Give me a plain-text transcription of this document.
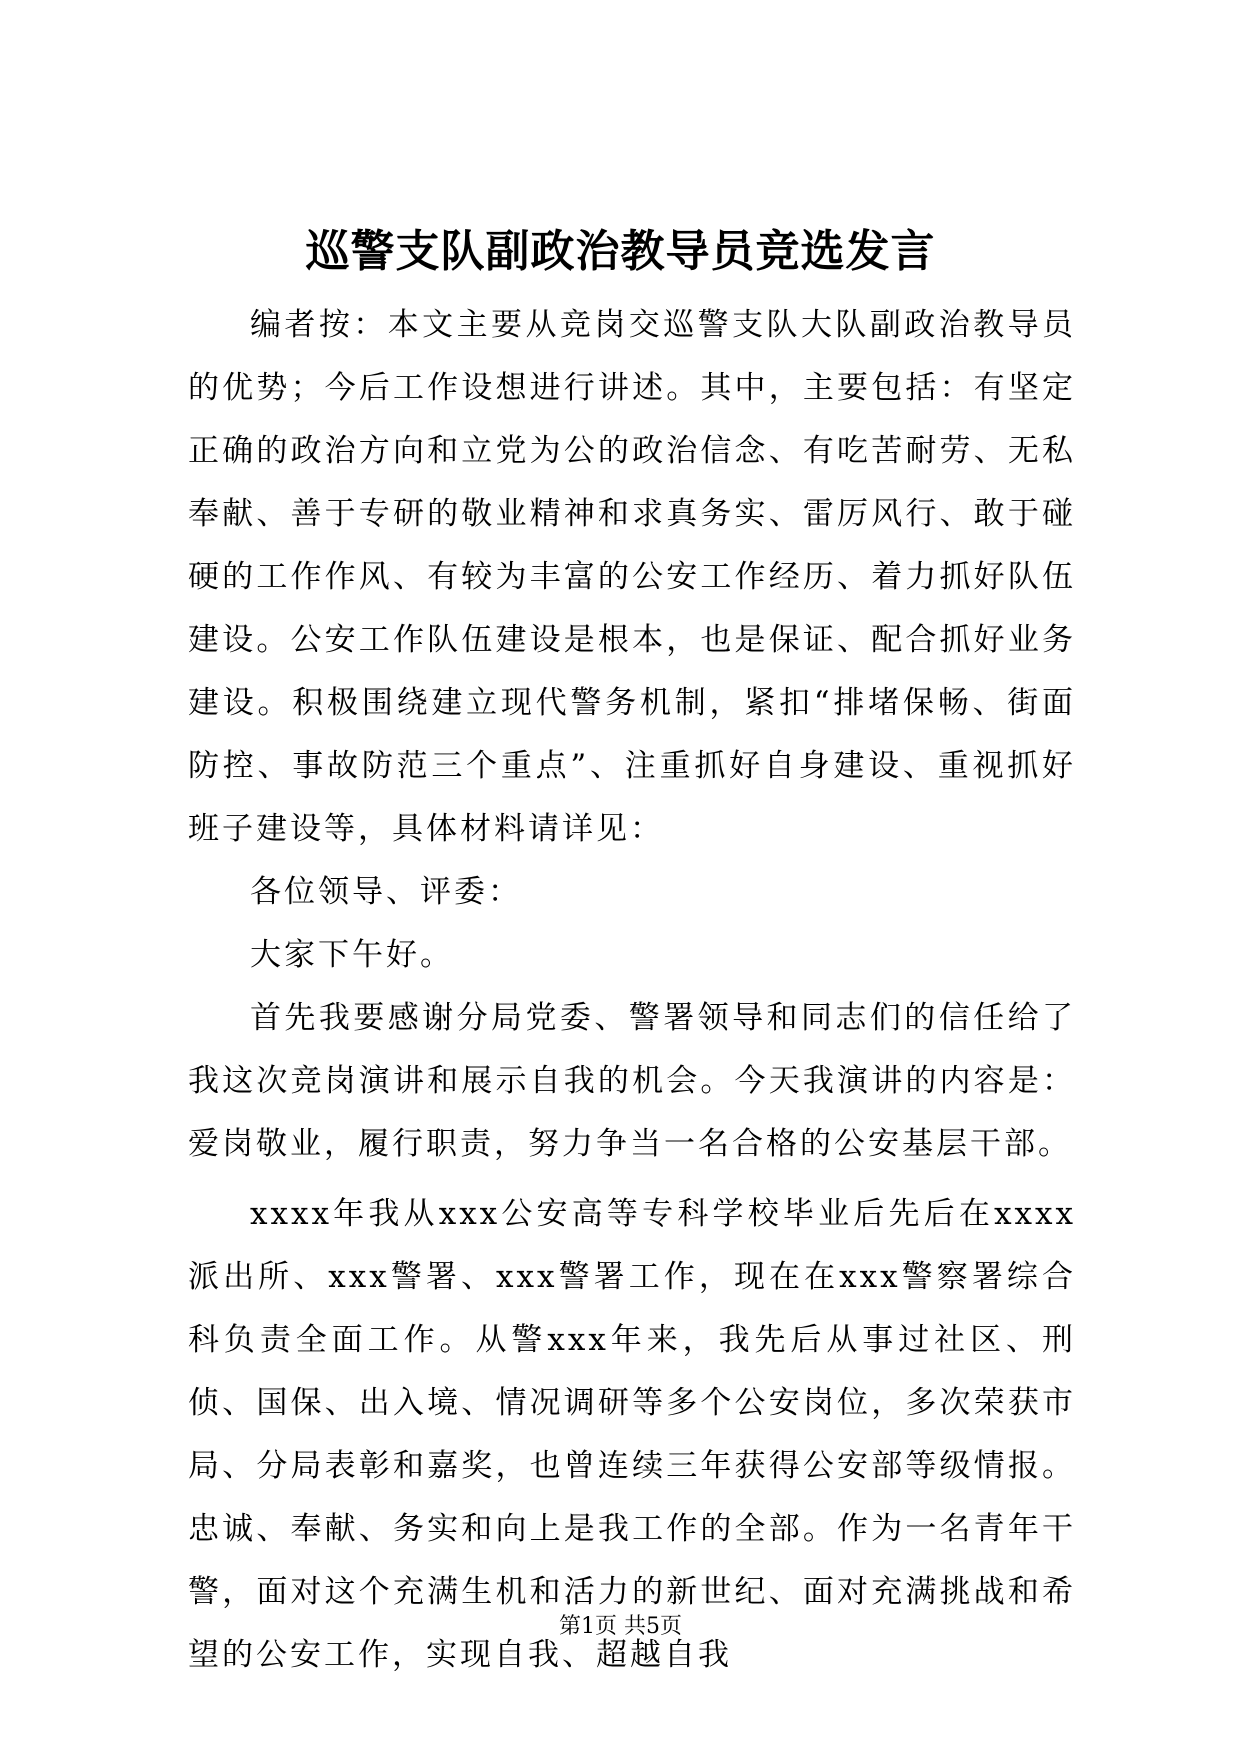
巡警支队副政治教导员竞选发言

编者按：本文主要从竞岗交巡警支队大队副政治教导员的优势；今后工作设想进行讲述。其中，主要包括：有坚定正确的政治方向和立党为公的政治信念、有吃苦耐劳、无私奉献、善于专研的敬业精神和求真务实、雷厉风行、敢于碰硬的工作作风、有较为丰富的公安工作经历、着力抓好队伍建设。公安工作队伍建设是根本，也是保证、配合抓好业务建设。积极围绕建立现代警务机制，紧扣“排堵保畅、街面防控、事故防范三个重点”、注重抓好自身建设、重视抓好班子建设等，具体材料请详见：

各位领导、评委：

大家下午好。

首先我要感谢分局党委、警署领导和同志们的信任给了我这次竞岗演讲和展示自我的机会。今天我演讲的内容是：爱岗敬业，履行职责，努力争当一名合格的公安基层干部。

xxxx年我从xxx公安高等专科学校毕业后先后在xxxx派出所、xxx警署、xxx警署工作，现在在xxx警察署综合科负责全面工作。从警xxx年来，我先后从事过社区、刑侦、国保、出入境、情况调研等多个公安岗位，多次荣获市局、分局表彰和嘉奖，也曾连续三年获得公安部等级情报。忠诚、奉献、务实和向上是我工作的全部。作为一名青年干警，面对这个充满生机和活力的新世纪、面对充满挑战和希望的公安工作，实现自我、超越自我

第1页 共5页
